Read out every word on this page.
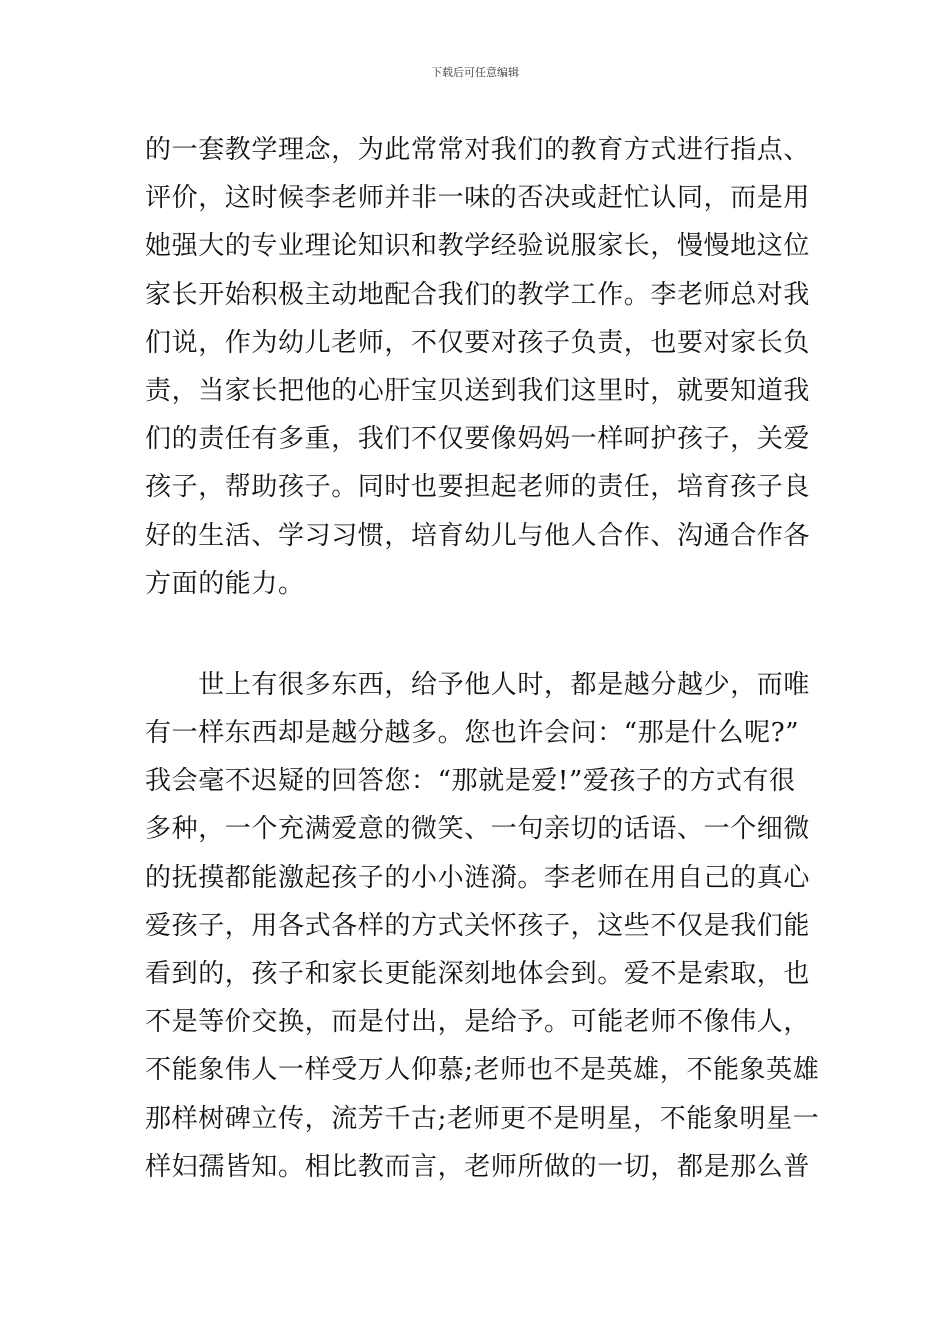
下载后可任意编辑
的一套教学理念，为此常常对我们的教育方式进行指点、
评价，这时候李老师并非一味的否决或赶忙认同，而是用
她强大的专业理论知识和教学经验说服家长，慢慢地这位
家长开始积极主动地配合我们的教学工作。李老师总对我
们说，作为幼儿老师，不仅要对孩子负责，也要对家长负
责，当家长把他的心肝宝贝送到我们这里时，就要知道我
们的责任有多重，我们不仅要像妈妈一样呵护孩子，关爱
孩子，帮助孩子。同时也要担起老师的责任，培育孩子良
好的生活、学习习惯，培育幼儿与他人合作、沟通合作各
方面的能力。
　　世上有很多东西，给予他人时，都是越分越少，而唯
有一样东西却是越分越多。您也许会问：“那是什么呢?”
我会毫不迟疑的回答您：“那就是爱!”爱孩子的方式有很
多种，一个充满爱意的微笑、一句亲切的话语、一个细微
的抚摸都能激起孩子的小小涟漪。李老师在用自己的真心
爱孩子，用各式各样的方式关怀孩子，这些不仅是我们能
看到的，孩子和家长更能深刻地体会到。爱不是索取，也
不是等价交换，而是付出，是给予。可能老师不像伟人，
不能象伟人一样受万人仰慕;老师也不是英雄，不能象英雄
那样树碑立传，流芳千古;老师更不是明星，不能象明星一
样妇孺皆知。相比教而言，老师所做的一切，都是那么普
